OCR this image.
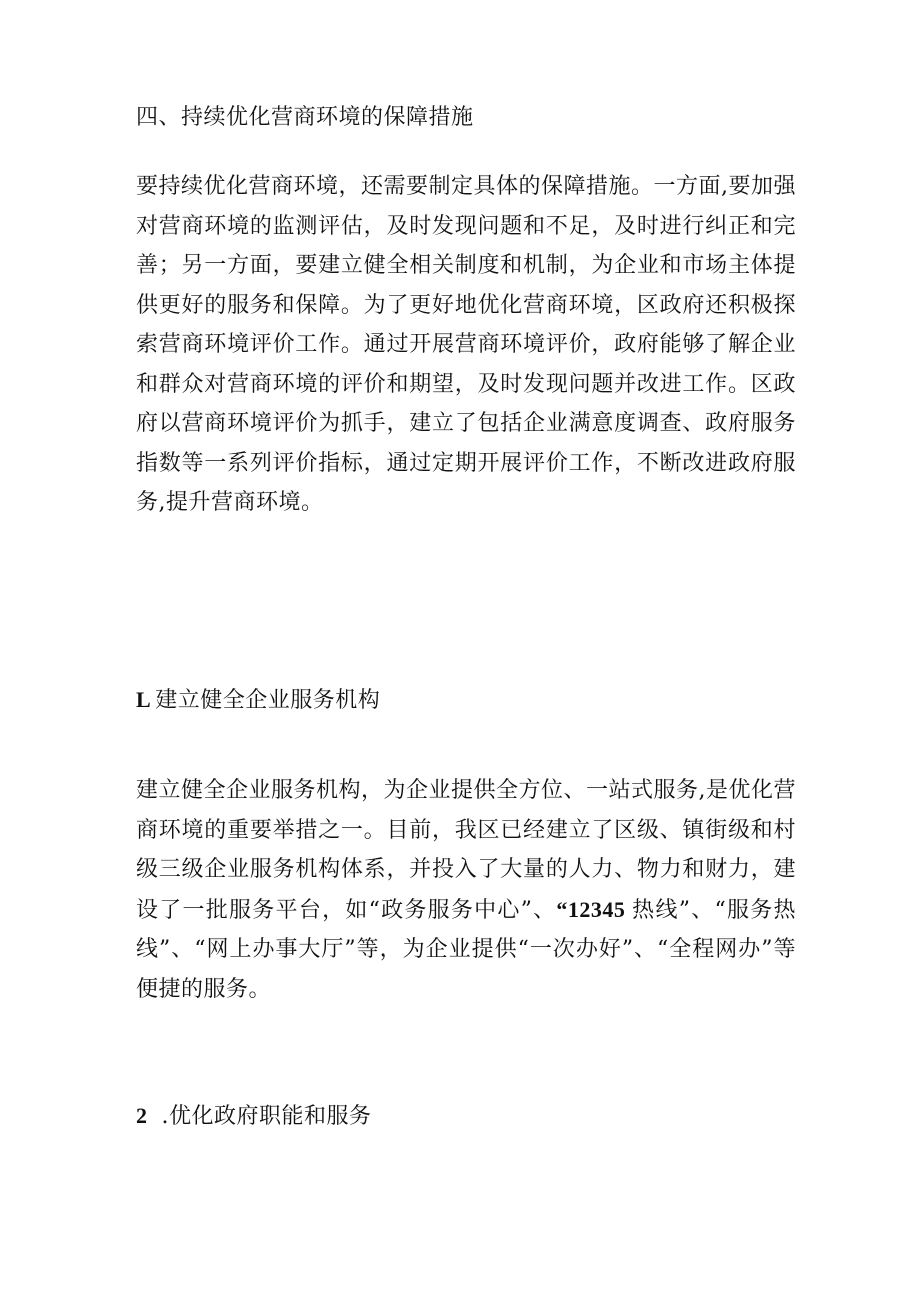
四、持续优化营商环境的保障措施

要持续优化营商环境，还需要制定具体的保障措施。一方面,要加强对营商环境的监测评估，及时发现问题和不足，及时进行纠正和完善；另一方面，要建立健全相关制度和机制，为企业和市场主体提供更好的服务和保障。为了更好地优化营商环境，区政府还积极探索营商环境评价工作。通过开展营商环境评价，政府能够了解企业和群众对营商环境的评价和期望，及时发现问题并改进工作。区政府以营商环境评价为抓手，建立了包括企业满意度调查、政府服务指数等一系列评价指标，通过定期开展评价工作，不断改进政府服务,提升营商环境。

L 建立健全企业服务机构

建立健全企业服务机构，为企业提供全方位、一站式服务,是优化营商环境的重要举措之一。目前，我区已经建立了区级、镇街级和村级三级企业服务机构体系，并投入了大量的人力、物力和财力，建设了一批服务平台，如“政务服务中心”、“12345 热线”、“服务热线”、“网上办事大厅”等，为企业提供“一次办好”、“全程网办”等便捷的服务。

2 .优化政府职能和服务
